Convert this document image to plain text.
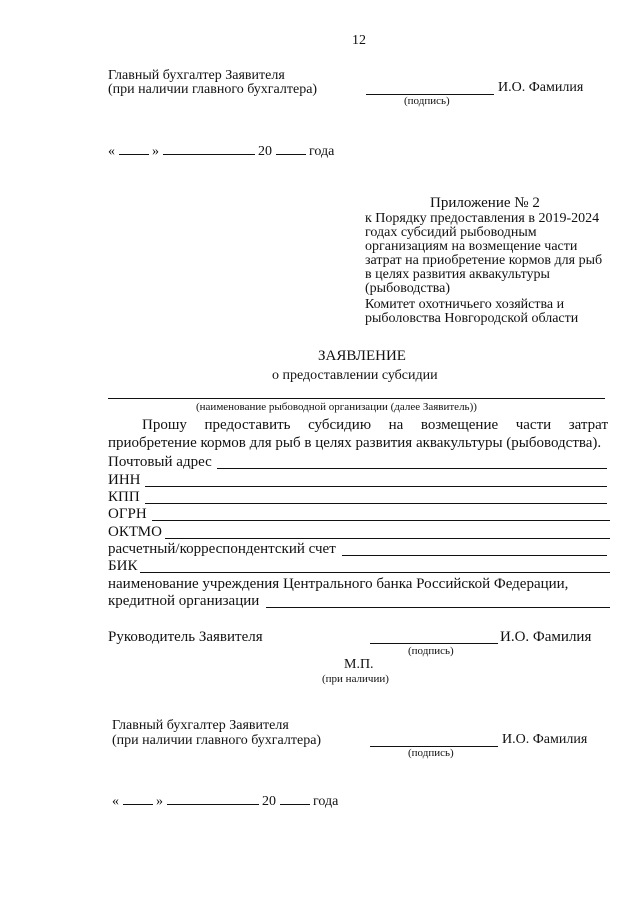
12
Главный бухгалтер Заявителя
(при наличии главного бухгалтера)	И.О. Фамилия
(подпись)
«	»	20	года
Приложение № 2
к Порядку предоставления в 2019-2024 годах субсидий рыбоводным организациям на возмещение части затрат на приобретение кормов для рыб в целях развития аквакультуры (рыбоводства)
Комитет охотничьего хозяйства и рыболовства Новгородской области
ЗАЯВЛЕНИЕ
о предоставлении субсидии
(наименование рыбоводной организации (далее Заявитель))
Прошу предоставить субсидию на возмещение части затрат приобретение кормов для рыб в целях развития аквакультуры (рыбоводства).
Почтовый адрес
ИНН
КПП
ОГРН
ОКТМО
расчетный/корреспондентский счет
БИК
наименование учреждения Центрального банка Российской Федерации,
кредитной организации
Руководитель Заявителя	И.О. Фамилия
(подпись)
М.П.
(при наличии)
Главный бухгалтер Заявителя
(при наличии главного бухгалтера)	И.О. Фамилия
(подпись)
«	»	20	года
